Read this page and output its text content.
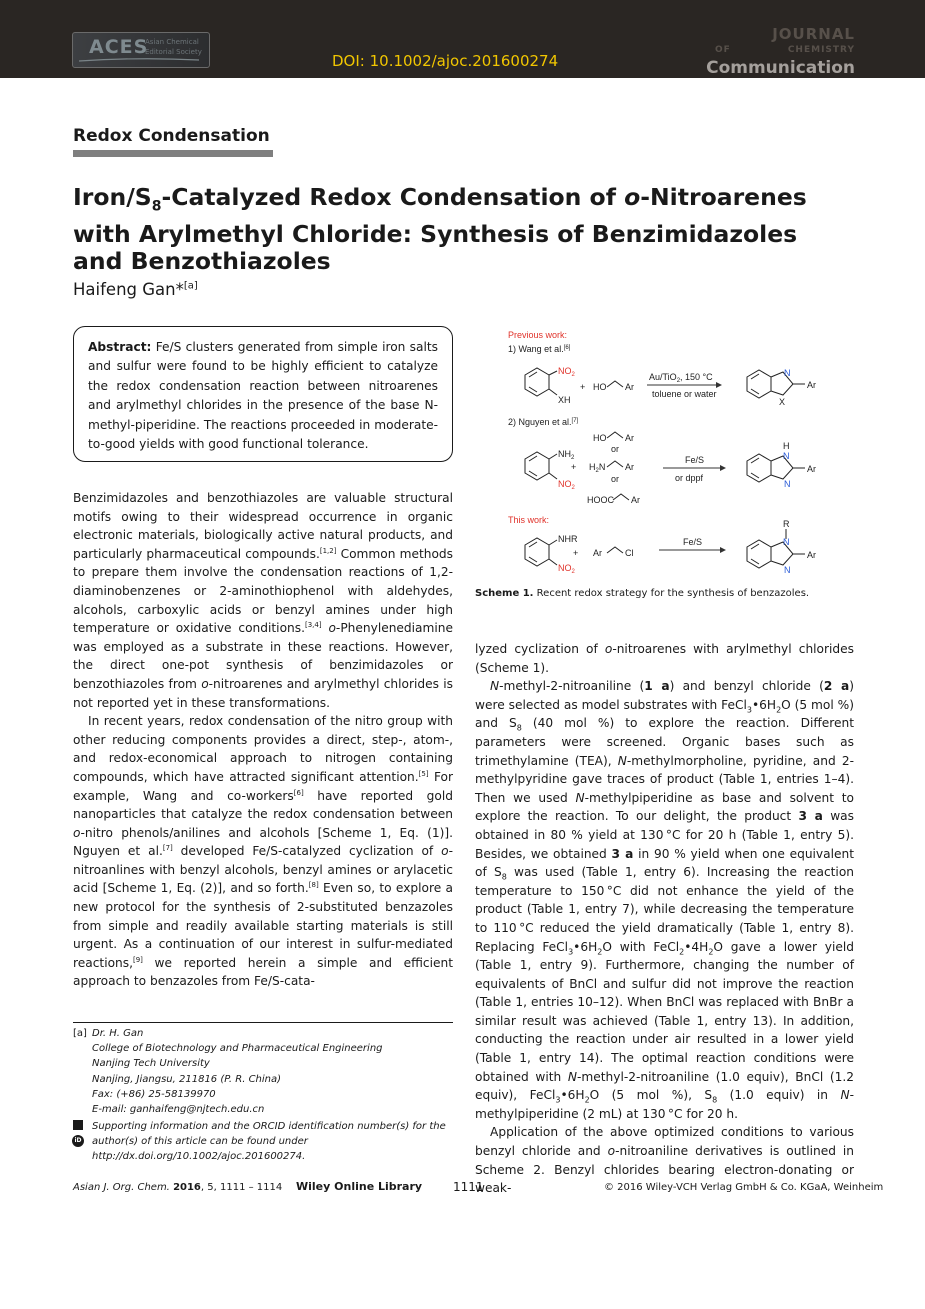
ACES
Asian Chemical
Editorial Society	DOI: 10.1002/ajoc.201600274
JOURNAL
OF	CHEMISTRY
Communication
Redox Condensation
Iron/$S_8$-Catalyzed Redox Condensation of o-Nitroarenes with Arylmethyl Chloride: Synthesis of Benzimidazoles and Benzothiazoles
Haifeng Gan*[a]
Abstract: Fe/S clusters generated from simple iron salts and sulfur were found to be highly efficient to catalyze the redox condensation reaction between nitroarenes and arylmethyl chlorides in the presence of the base N-methyl-piperidine. The reactions proceeded in moderate-to-good yields with good functional tolerance.

Benzimidazoles and benzothiazoles are valuable structural motifs owing to their widespread occurrence in organic electronic materials, biologically active natural products, and particularly pharmaceutical compounds.[1,2] Common methods to prepare them involve the condensation reactions of 1,2-diaminobenzenes or 2-aminothiophenol with aldehydes, alcohols, carboxylic acids or benzyl amines under high temperature or oxidative conditions.[3,4] o-Phenylenediamine was employed as a substrate in these reactions. However, the direct one-pot synthesis of benzimidazoles or benzothiazoles from o-nitroarenes and arylmethyl chlorides is not reported yet in these transformations.

In recent years, redox condensation of the nitro group with other reducing components provides a direct, step-, atom-, and redox-economical approach to nitrogen containing compounds, which have attracted significant attention.[5] For example, Wang and co-workers[6] have reported gold nanoparticles that catalyze the redox condensation between o-nitro phenols/anilines and alcohols [Scheme 1, Eq. (1)]. Nguyen et al.[7] developed Fe/S-catalyzed cyclization of o-nitroanlines with benzyl alcohols, benzyl amines or arylacetic acid [Scheme 1, Eq. (2)], and so forth.[8] Even so, to explore a new protocol for the synthesis of 2-substituted benzazoles from simple and readily available starting materials is still urgent. As a continuation of our interest in sulfur-mediated reactions,[9] we reported herein a simple and efficient approach to benzazoles from Fe/S-cata-

[a] Dr. H. Gan
College of Biotechnology and Pharmaceutical Engineering
Nanjing Tech University
Nanjing, Jiangsu, 211816 (P. R. China)
Fax: (+86) 25-58139970
E-mail: ganhaifeng@njtech.edu.cn
Supporting information and the ORCID identification number(s) for the author(s) of this article can be found under http://dx.doi.org/10.1002/ajoc.201600274.
iD
Previous work:
1) Wang et al.[6]
$NO_2$
XH
+ HO Ar
Au/TiO$_2$, 150 °C
toluene or water
N
X
Ar
2) Nguyen et al.[7]
$NH_2$
$NO_2$
+
HO Ar
or
$H_2N$ Ar
or
HOOC Ar
Fe/S
or dppf
H
N
N
Ar
This work:
NHR
$NO_2$
+ Ar	Cl
Fe/S
R
N
N
Ar
Scheme 1. Recent redox strategy for the synthesis of benzazoles.

lyzed cyclization of o-nitroarenes with arylmethyl chlorides (Scheme 1).

N-methyl-2-nitroaniline (1 a) and benzyl chloride (2 a) were selected as model substrates with $FeCl_3•6H_2O$ (5 mol %) and $S_8$ (40 mol %) to explore the reaction. Different parameters were screened. Organic bases such as trimethylamine (TEA), N-methylmorpholine, pyridine, and 2-methylpyridine gave traces of product (Table 1, entries 1–4). Then we used N-methylpiperidine as base and solvent to explore the reaction. To our delight, the product 3 a was obtained in 80 % yield at 130 °C for 20 h (Table 1, entry 5). Besides, we obtained 3 a in 90 % yield when one equivalent of $S_8$ was used (Table 1, entry 6). Increasing the reaction temperature to 150 °C did not enhance the yield of the product (Table 1, entry 7), while decreasing the temperature to 110 °C reduced the yield dramatically (Table 1, entry 8). Replacing $FeCl_3•6H_2O$ with $FeCl_2•4H_2O$ gave a lower yield (Table 1, entry 9). Furthermore, changing the number of equivalents of BnCl and sulfur did not improve the reaction (Table 1, entries 10–12). When BnCl was replaced with BnBr a similar result was achieved (Table 1, entry 13). In addition, conducting the reaction under air resulted in a lower yield (Table 1, entry 14). The optimal reaction conditions were obtained with N-methyl-2-nitroaniline (1.0 equiv), BnCl (1.2 equiv), $FeCl_3•6H_2O$ (5 mol %), $S_8$ (1.0 equiv) in N-methylpiperidine (2 mL) at 130 °C for 20 h.

Application of the above optimized conditions to various benzyl chloride and o-nitroaniline derivatives is outlined in Scheme 2. Benzyl chlorides bearing electron-donating or weak-

Asian J. Org. Chem. 2016, 5, 1111 – 1114 Wiley Online Library	1111	© 2016 Wiley-VCH Verlag GmbH & Co. KGaA, Weinheim
